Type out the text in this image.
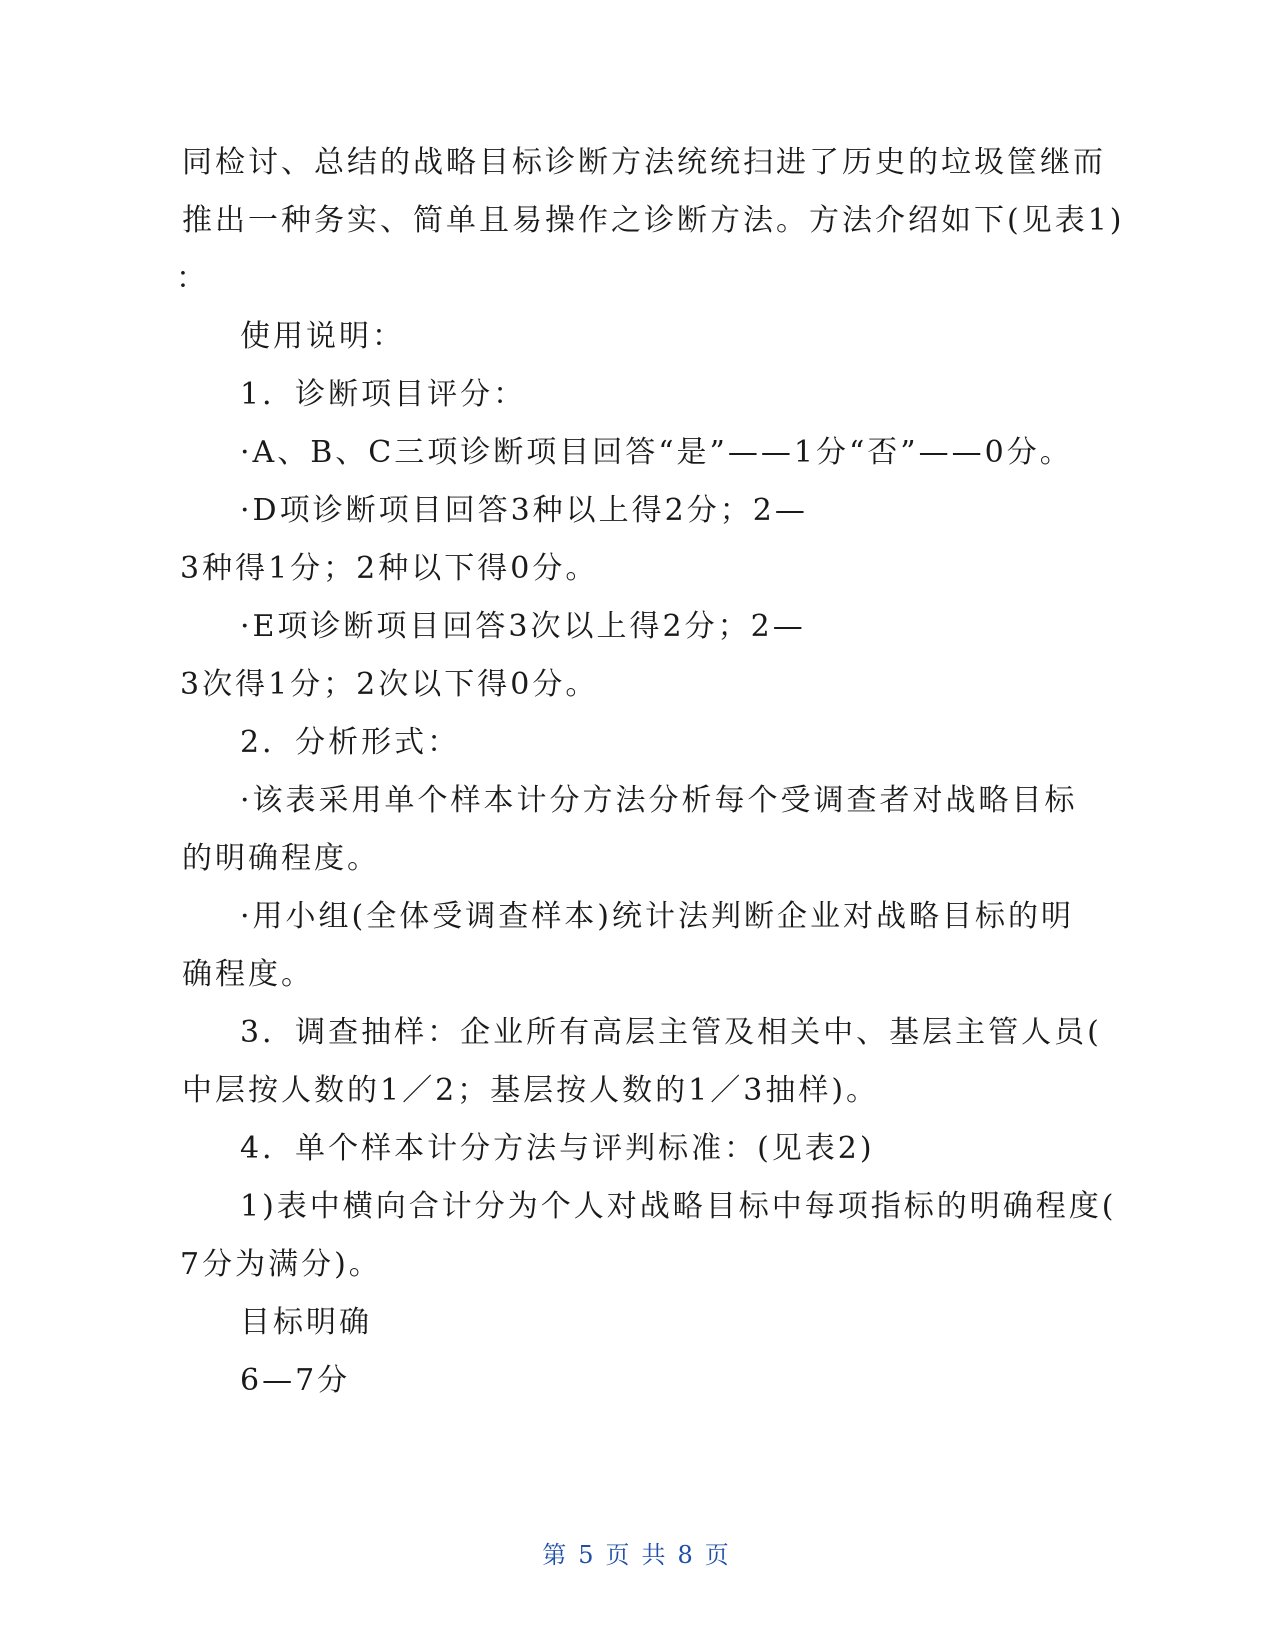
同检讨、总结的战略目标诊断方法统统扫进了历史的垃圾筐继而
推出一种务实、简单且易操作之诊断方法。方法介绍如下(见表1)
：
使用说明：
1．诊断项目评分：
·A、B、C三项诊断项目回答“是”——1分“否”——0分。
·D项诊断项目回答3种以上得2分；2—
3种得1分；2种以下得0分。
·E项诊断项目回答3次以上得2分；2—
3次得1分；2次以下得0分。
2．分析形式：
·该表采用单个样本计分方法分析每个受调查者对战略目标
的明确程度。
·用小组(全体受调查样本)统计法判断企业对战略目标的明
确程度。
3．调查抽样：企业所有高层主管及相关中、基层主管人员(
中层按人数的1／2；基层按人数的1／3抽样)。
4．单个样本计分方法与评判标准：(见表2)
1)表中横向合计分为个人对战略目标中每项指标的明确程度(
7分为满分)。
目标明确
6—7分
第 5 页 共 8 页
